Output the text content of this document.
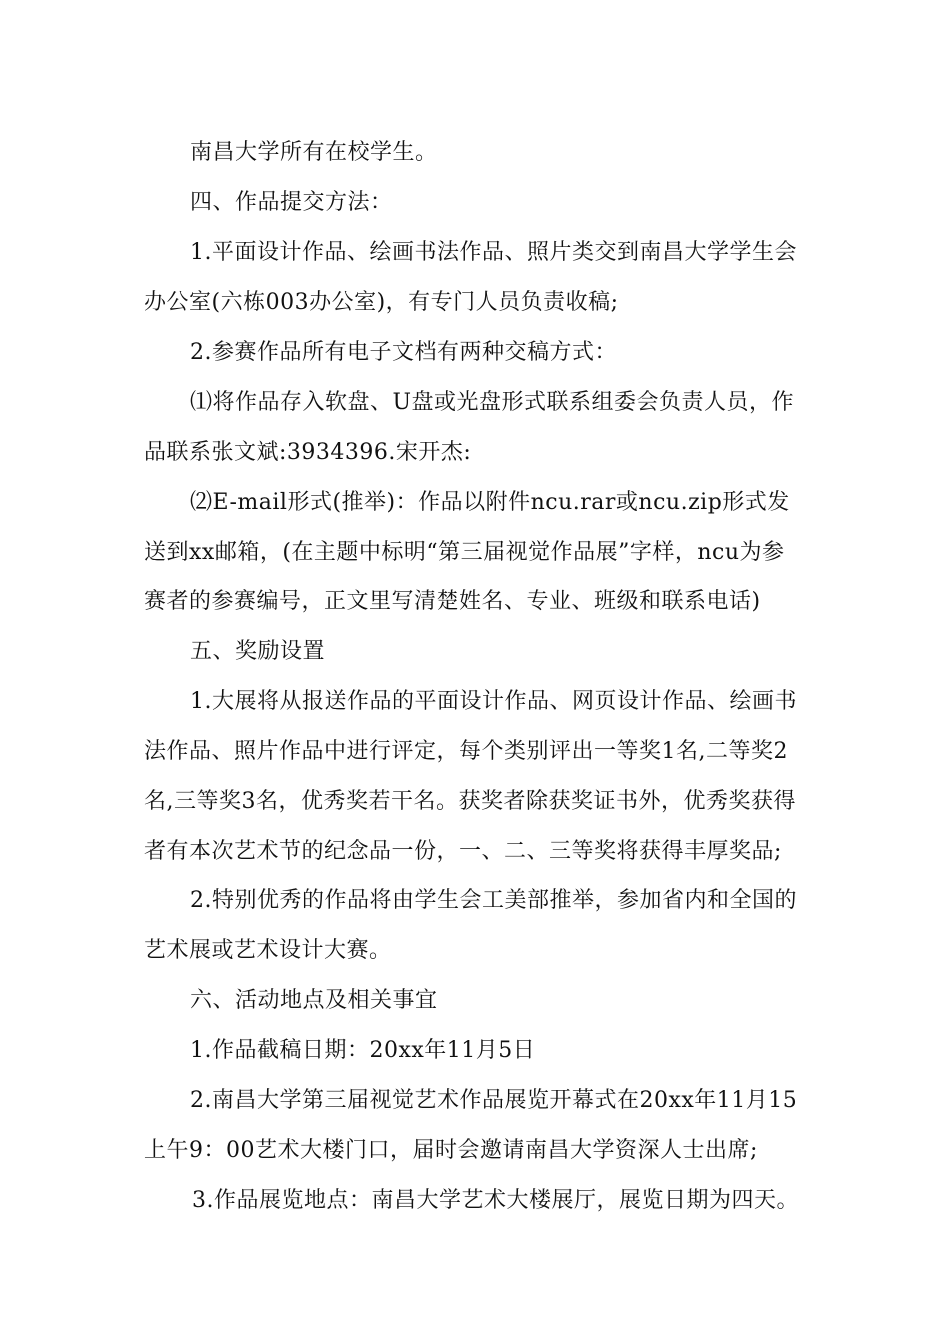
南昌大学所有在校学生。
四、作品提交方法：
1.平面设计作品、绘画书法作品、照片类交到南昌大学学生会
办公室(六栋003办公室)，有专门人员负责收稿;
2.参赛作品所有电子文档有两种交稿方式：
⑴将作品存入软盘、U盘或光盘形式联系组委会负责人员，作
品联系张文斌:3934396.宋开杰:
⑵E-mail形式(推举)：作品以附件ncu.rar或ncu.zip形式发
送到xx邮箱，(在主题中标明“第三届视觉作品展”字样，ncu为参
赛者的参赛编号，正文里写清楚姓名、专业、班级和联系电话)
五、奖励设置
1.大展将从报送作品的平面设计作品、网页设计作品、绘画书
法作品、照片作品中进行评定，每个类别评出一等奖1名,二等奖2
名,三等奖3名，优秀奖若干名。获奖者除获奖证书外，优秀奖获得
者有本次艺术节的纪念品一份，一、二、三等奖将获得丰厚奖品;
2.特别优秀的作品将由学生会工美部推举，参加省内和全国的
艺术展或艺术设计大赛。
六、活动地点及相关事宜
1.作品截稿日期：20xx年11月5日
2.南昌大学第三届视觉艺术作品展览开幕式在20xx年11月15
上午9：00艺术大楼门口，届时会邀请南昌大学资深人士出席;
3.作品展览地点：南昌大学艺术大楼展厅，展览日期为四天。
